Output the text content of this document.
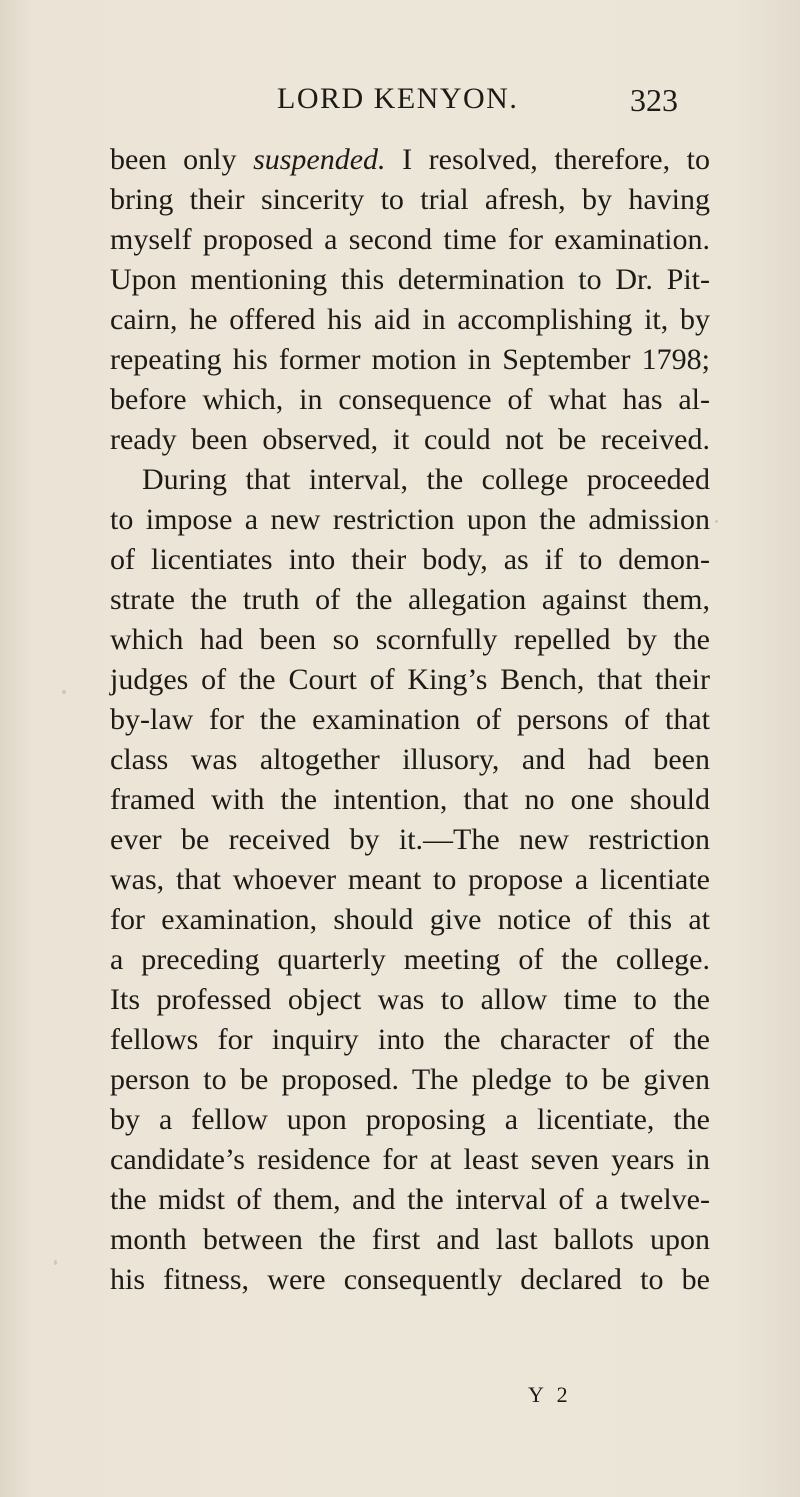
LORD KENYON.	323
been only suspended. I resolved, therefore, to
bring their sincerity to trial afresh, by having
myself proposed a second time for examination.
Upon mentioning this determination to Dr. Pit-
cairn, he offered his aid in accomplishing it, by
repeating his former motion in September 1798;
before which, in consequence of what has al-
ready been observed, it could not be received.
During that interval, the college proceeded
to impose a new restriction upon the admission
of licentiates into their body, as if to demon-
strate the truth of the allegation against them,
which had been so scornfully repelled by the
judges of the Court of King’s Bench, that their
by-law for the examination of persons of that
class was altogether illusory, and had been
framed with the intention, that no one should
ever be received by it.—The new restriction
was, that whoever meant to propose a licentiate
for examination, should give notice of this at
a preceding quarterly meeting of the college.
Its professed object was to allow time to the
fellows for inquiry into the character of the
person to be proposed. The pledge to be given
by a fellow upon proposing a licentiate, the
candidate’s residence for at least seven years in
the midst of them, and the interval of a twelve-
month between the first and last ballots upon
his fitness, were consequently declared to be
Y 2
